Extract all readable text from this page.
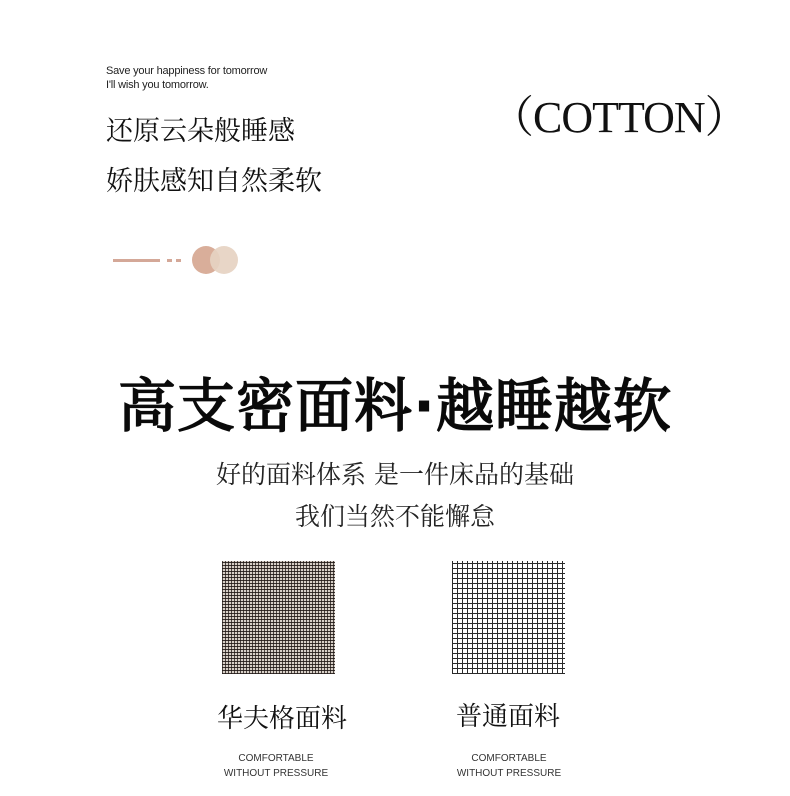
Save your happiness for tomorrow
I'll wish you tomorrow.
还原云朵般睡感
娇肤感知自然柔软
（COTTON）
高支密面料·越睡越软
好的面料体系 是一件床品的基础
我们当然不能懈怠
华夫格面料	普通面料
COMFORTABLE
WITHOUT PRESSURE
COMFORTABLE
WITHOUT PRESSURE
